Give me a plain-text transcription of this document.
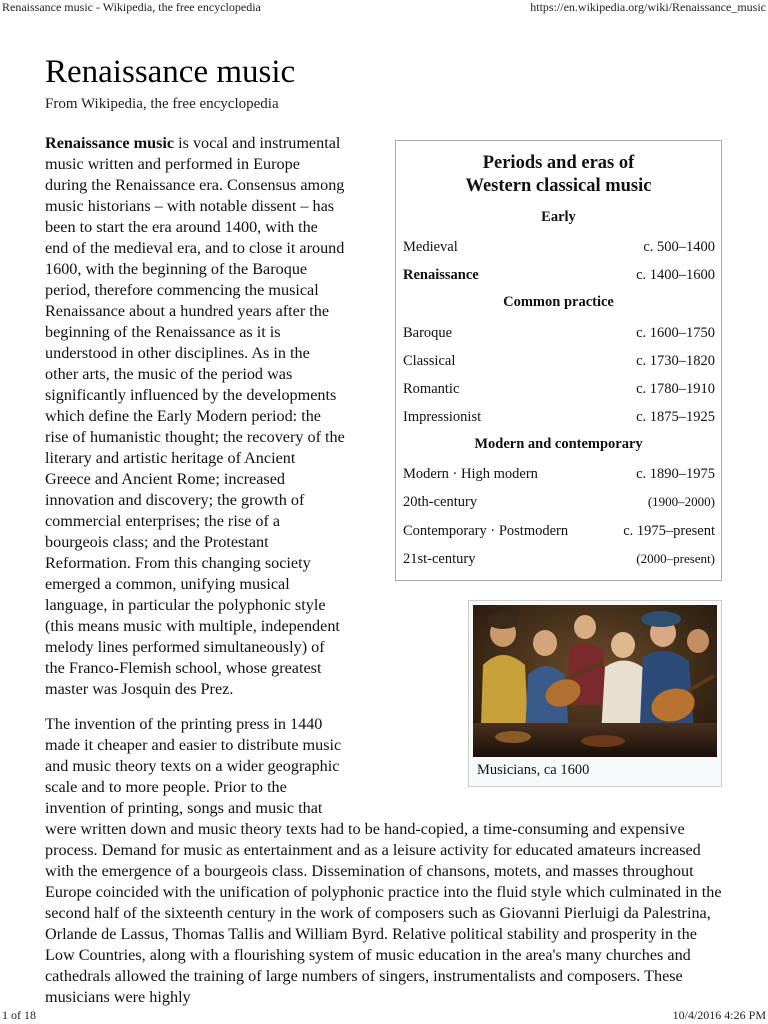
Renaissance music - Wikipedia, the free encyclopedia	https://en.wikipedia.org/wiki/Renaissance_music
1 of 18	10/4/2016 4:26 PM
Renaissance music
From Wikipedia, the free encyclopedia

Renaissance music is vocal and instrumental music written and performed in Europe during the Renaissance era. Consensus among music historians – with notable dissent – has been to start the era around 1400, with the end of the medieval era, and to close it around 1600, with the beginning of the Baroque period, therefore commencing the musical Renaissance about a hundred years after the beginning of the Renaissance as it is understood in other disciplines. As in the other arts, the music of the period was significantly influenced by the developments which define the Early Modern period: the rise of humanistic thought; the recovery of the literary and artistic heritage of Ancient Greece and Ancient Rome; increased innovation and discovery; the growth of commercial enterprises; the rise of a bourgeois class; and the Protestant Reformation. From this changing society emerged a common, unifying musical language, in particular the polyphonic style (this means music with multiple, independent melody lines performed simultaneously) of the Franco-Flemish school, whose greatest master was Josquin des Prez.

The invention of the printing press in 1440 made it cheaper and easier to distribute music and music theory texts on a wider geographic scale and to more people. Prior to the invention of printing, songs and music that were written down and music theory texts had to be hand-copied, a time-consuming and expensive process. Demand for music as entertainment and as a leisure activity for educated amateurs increased with the emergence of a bourgeois class. Dissemination of chansons, motets, and masses throughout Europe coincided with the unification of polyphonic practice into the fluid style which culminated in the second half of the sixteenth century in the work of composers such as Giovanni Pierluigi da Palestrina, Orlande de Lassus, Thomas Tallis and William Byrd. Relative political stability and prosperity in the Low Countries, along with a flourishing system of music education in the area's many churches and cathedrals allowed the training of large numbers of singers, instrumentalists and composers. These musicians were highly

Periods and eras of
Western classical music
Early
Medieval	c. 500–1400
Renaissance	c. 1400–1600
Common practice
Baroque	c. 1600–1750
Classical	c. 1730–1820
Romantic	c. 1780–1910
Impressionist	c. 1875–1925
Modern and contemporary
Modern · High modern	c. 1890–1975
20th-century	(1900–2000)
Contemporary · Postmodern	c. 1975–present
21st-century	(2000–present)
Musicians, ca 1600
